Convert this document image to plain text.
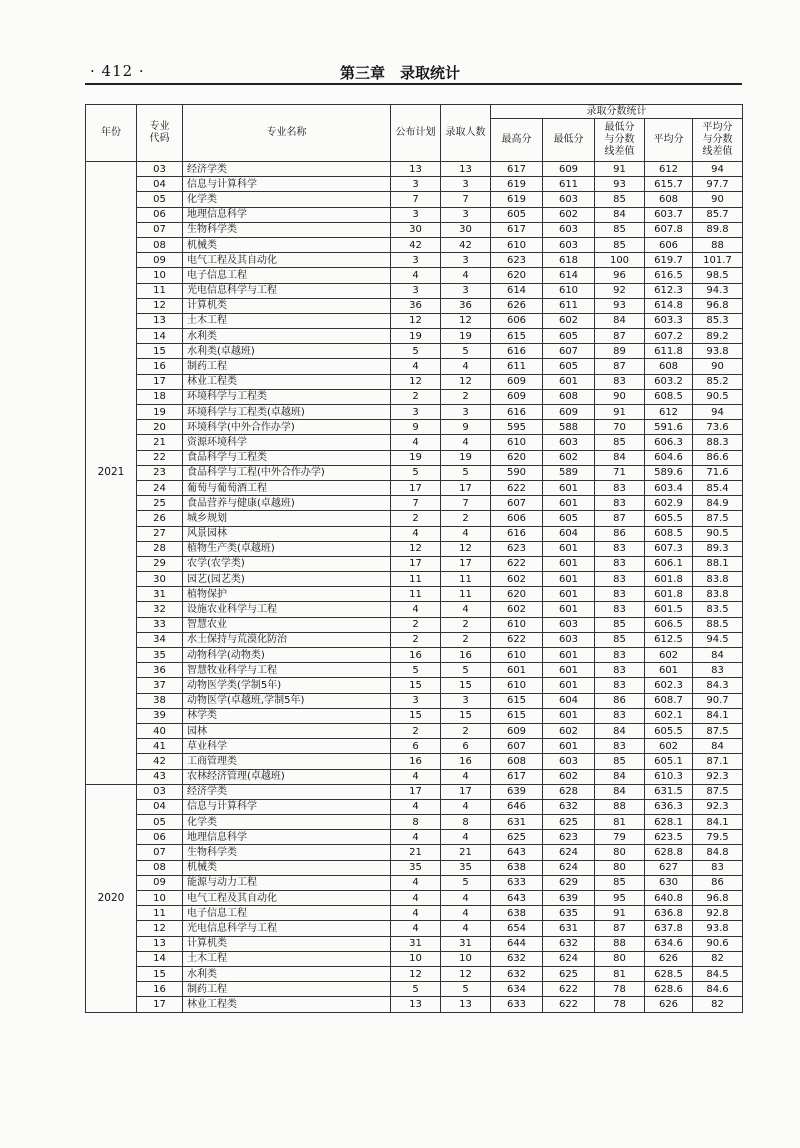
· 412 ·	第三章　录取统计
年份	专业代码	专业名称	公布计划	录取人数	录取分数统计				
					最高分	最低分	最低分与分数线差值	平均分	平均分与分数线差值
2021	03	经济学类	13	13	617	609	91	612	94
	04	信息与计算科学	3	3	619	611	93	615.7	97.7
	05	化学类	7	7	619	603	85	608	90
	06	地理信息科学	3	3	605	602	84	603.7	85.7
	07	生物科学类	30	30	617	603	85	607.8	89.8
	08	机械类	42	42	610	603	85	606	88
	09	电气工程及其自动化	3	3	623	618	100	619.7	101.7
	10	电子信息工程	4	4	620	614	96	616.5	98.5
	11	光电信息科学与工程	3	3	614	610	92	612.3	94.3
	12	计算机类	36	36	626	611	93	614.8	96.8
	13	土木工程	12	12	606	602	84	603.3	85.3
	14	水利类	19	19	615	605	87	607.2	89.2
	15	水利类(卓越班)	5	5	616	607	89	611.8	93.8
	16	制药工程	4	4	611	605	87	608	90
	17	林业工程类	12	12	609	601	83	603.2	85.2
	18	环境科学与工程类	2	2	609	608	90	608.5	90.5
	19	环境科学与工程类(卓越班)	3	3	616	609	91	612	94
	20	环境科学(中外合作办学)	9	9	595	588	70	591.6	73.6
	21	资源环境科学	4	4	610	603	85	606.3	88.3
	22	食品科学与工程类	19	19	620	602	84	604.6	86.6
	23	食品科学与工程(中外合作办学)	5	5	590	589	71	589.6	71.6
	24	葡萄与葡萄酒工程	17	17	622	601	83	603.4	85.4
	25	食品营养与健康(卓越班)	7	7	607	601	83	602.9	84.9
	26	城乡规划	2	2	606	605	87	605.5	87.5
	27	风景园林	4	4	616	604	86	608.5	90.5
	28	植物生产类(卓越班)	12	12	623	601	83	607.3	89.3
	29	农学(农学类)	17	17	622	601	83	606.1	88.1
	30	园艺(园艺类)	11	11	602	601	83	601.8	83.8
	31	植物保护	11	11	620	601	83	601.8	83.8
	32	设施农业科学与工程	4	4	602	601	83	601.5	83.5
	33	智慧农业	2	2	610	603	85	606.5	88.5
	34	水土保持与荒漠化防治	2	2	622	603	85	612.5	94.5
	35	动物科学(动物类)	16	16	610	601	83	602	84
	36	智慧牧业科学与工程	5	5	601	601	83	601	83
	37	动物医学类(学制5年)	15	15	610	601	83	602.3	84.3
	38	动物医学(卓越班,学制5年)	3	3	615	604	86	608.7	90.7
	39	林学类	15	15	615	601	83	602.1	84.1
	40	园林	2	2	609	602	84	605.5	87.5
	41	草业科学	6	6	607	601	83	602	84
	42	工商管理类	16	16	608	603	85	605.1	87.1
	43	农林经济管理(卓越班)	4	4	617	602	84	610.3	92.3
2020	03	经济学类	17	17	639	628	84	631.5	87.5
	04	信息与计算科学	4	4	646	632	88	636.3	92.3
	05	化学类	8	8	631	625	81	628.1	84.1
	06	地理信息科学	4	4	625	623	79	623.5	79.5
	07	生物科学类	21	21	643	624	80	628.8	84.8
	08	机械类	35	35	638	624	80	627	83
	09	能源与动力工程	4	5	633	629	85	630	86
	10	电气工程及其自动化	4	4	643	639	95	640.8	96.8
	11	电子信息工程	4	4	638	635	91	636.8	92.8
	12	光电信息科学与工程	4	4	654	631	87	637.8	93.8
	13	计算机类	31	31	644	632	88	634.6	90.6
	14	土木工程	10	10	632	624	80	626	82
	15	水利类	12	12	632	625	81	628.5	84.5
	16	制药工程	5	5	634	622	78	628.6	84.6
	17	林业工程类	13	13	633	622	78	626	82
